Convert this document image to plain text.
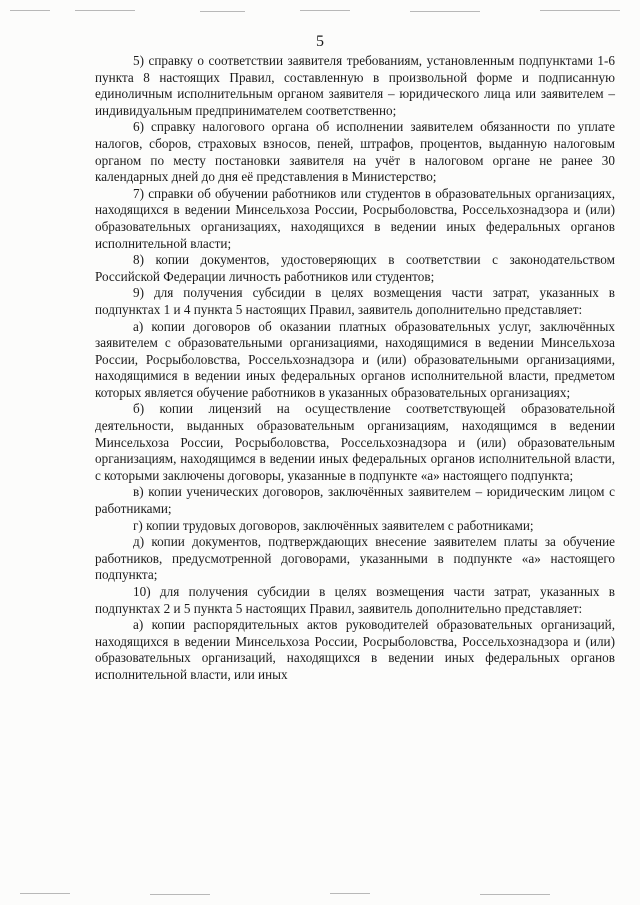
5

5) справку о соответствии заявителя требованиям, установленным подпунктами 1-6 пункта 8 настоящих Правил, составленную в произвольной форме и подписанную единоличным исполнительным органом заявителя – юридического лица или заявителем – индивидуальным предпринимателем соответственно;

6) справку налогового органа об исполнении заявителем обязанности по уплате налогов, сборов, страховых взносов, пеней, штрафов, процентов, выданную налоговым органом по месту постановки заявителя на учёт в налоговом органе не ранее 30 календарных дней до дня её представления в Министерство;

7) справки об обучении работников или студентов в образовательных организациях, находящихся в ведении Минсельхоза России, Росрыболовства, Россельхознадзора и (или) образовательных организациях, находящихся в ведении иных федеральных органов исполнительной власти;

8) копии документов, удостоверяющих в соответствии с законодательством Российской Федерации личность работников или студентов;

9) для получения субсидии в целях возмещения части затрат, указанных в подпунктах 1 и 4 пункта 5 настоящих Правил, заявитель дополнительно представляет:

а) копии договоров об оказании платных образовательных услуг, заключённых заявителем с образовательными организациями, находящимися в ведении Минсельхоза России, Росрыболовства, Россельхознадзора и (или) образовательными организациями, находящимися в ведении иных федеральных органов исполнительной власти, предметом которых является обучение работников в указанных образовательных организациях;

б) копии лицензий на осуществление соответствующей образовательной деятельности, выданных образовательным организациям, находящимся в ведении Минсельхоза России, Росрыболовства, Россельхознадзора и (или) образовательным организациям, находящимся в ведении иных федеральных органов исполнительной власти, с которыми заключены договоры, указанные в подпункте «а» настоящего подпункта;

в) копии ученических договоров, заключённых заявителем – юридическим лицом с работниками;

г) копии трудовых договоров, заключённых заявителем с работниками;

д) копии документов, подтверждающих внесение заявителем платы за обучение работников, предусмотренной договорами, указанными в подпункте «а» настоящего подпункта;

10) для получения субсидии в целях возмещения части затрат, указанных в подпунктах 2 и 5 пункта 5 настоящих Правил, заявитель дополнительно представляет:

а) копии распорядительных актов руководителей образовательных организаций, находящихся в ведении Минсельхоза России, Росрыболовства, Россельхознадзора и (или) образовательных организаций, находящихся в ведении иных федеральных органов исполнительной власти, или иных
